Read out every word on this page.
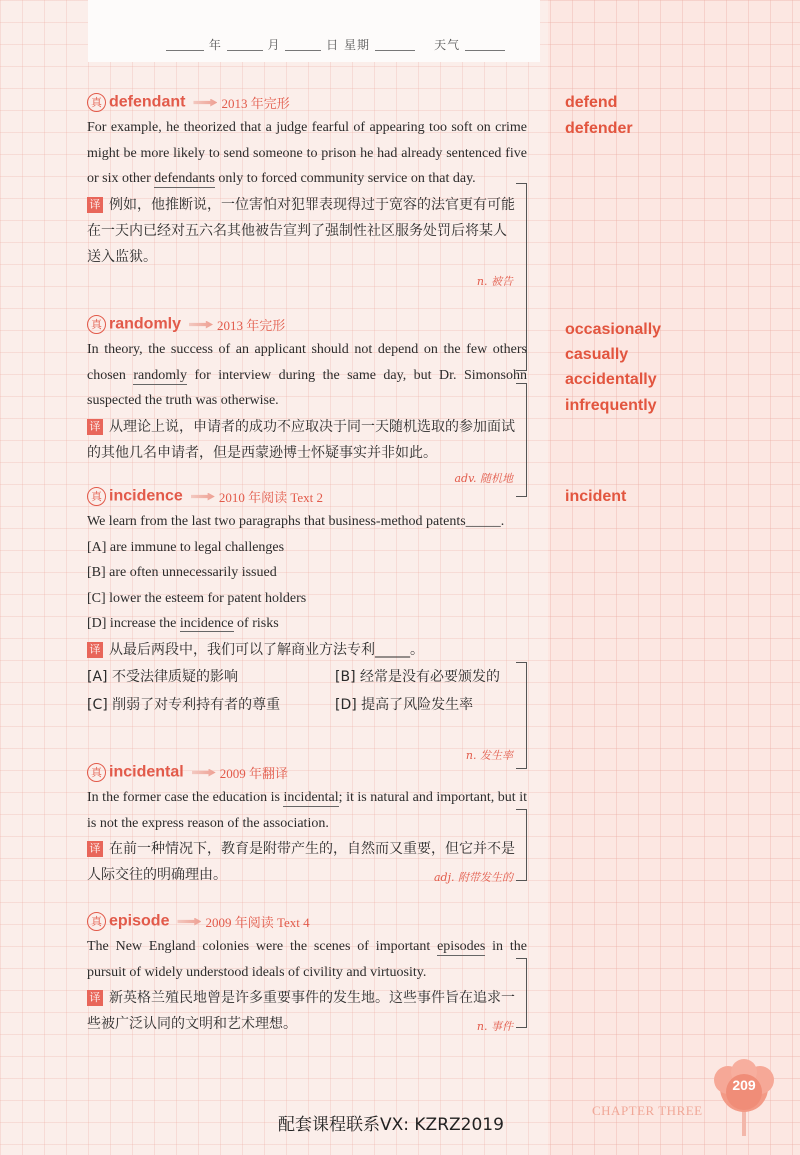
年	月	日 星期	天气
真 defendant	2013 年完形

For example, he theorized that a judge fearful of appearing too soft on crime might be more likely to send someone to prison he had already sentenced five or six other defendants only to forced community service on that day.

译 例如，他推断说，一位害怕对犯罪表现得过于宽容的法官更有可能在一天内已经对五六名其他被告宣判了强制性社区服务处罚后将某人送入监狱。

n. 被告
真 randomly	2013 年完形

In theory, the success of an applicant should not depend on the few others chosen randomly for interview during the same day, but Dr. Simonsohn suspected the truth was otherwise.

译 从理论上说，申请者的成功不应取决于同一天随机选取的参加面试的其他几名申请者，但是西蒙逊博士怀疑事实并非如此。

adv. 随机地
真 incidence	2010 年阅读 Text 2

We learn from the last two paragraphs that business-method patents_____.

[A] are immune to legal challenges

[B] are often unnecessarily issued

[C] lower the esteem for patent holders

[D] increase the incidence of risks

译 从最后两段中，我们可以了解商业方法专利_____。

[A] 不受法律质疑的影响	[B] 经常是没有必要颁发的
[C] 削弱了对专利持有者的尊重	[D] 提高了风险发生率
n. 发生率
真 incidental	2009 年翻译

In the former case the education is incidental; it is natural and important, but it is not the express reason of the association.

译 在前一种情况下，教育是附带产生的，自然而又重要，但它并不是人际交往的明确理由。	adj. 附带发生的
真 episode	2009 年阅读 Text 4

The New England colonies were the scenes of important episodes in the pursuit of widely understood ideals of civility and virtuosity.

译 新英格兰殖民地曾是许多重要事件的发生地。这些事件旨在追求一些被广泛认同的文明和艺术理想。	n. 事件
defend
defender
occasionally
casually
accidentally
infrequently
incident
209
CHAPTER THREE
配套课程联系VX: KZRZ2019
